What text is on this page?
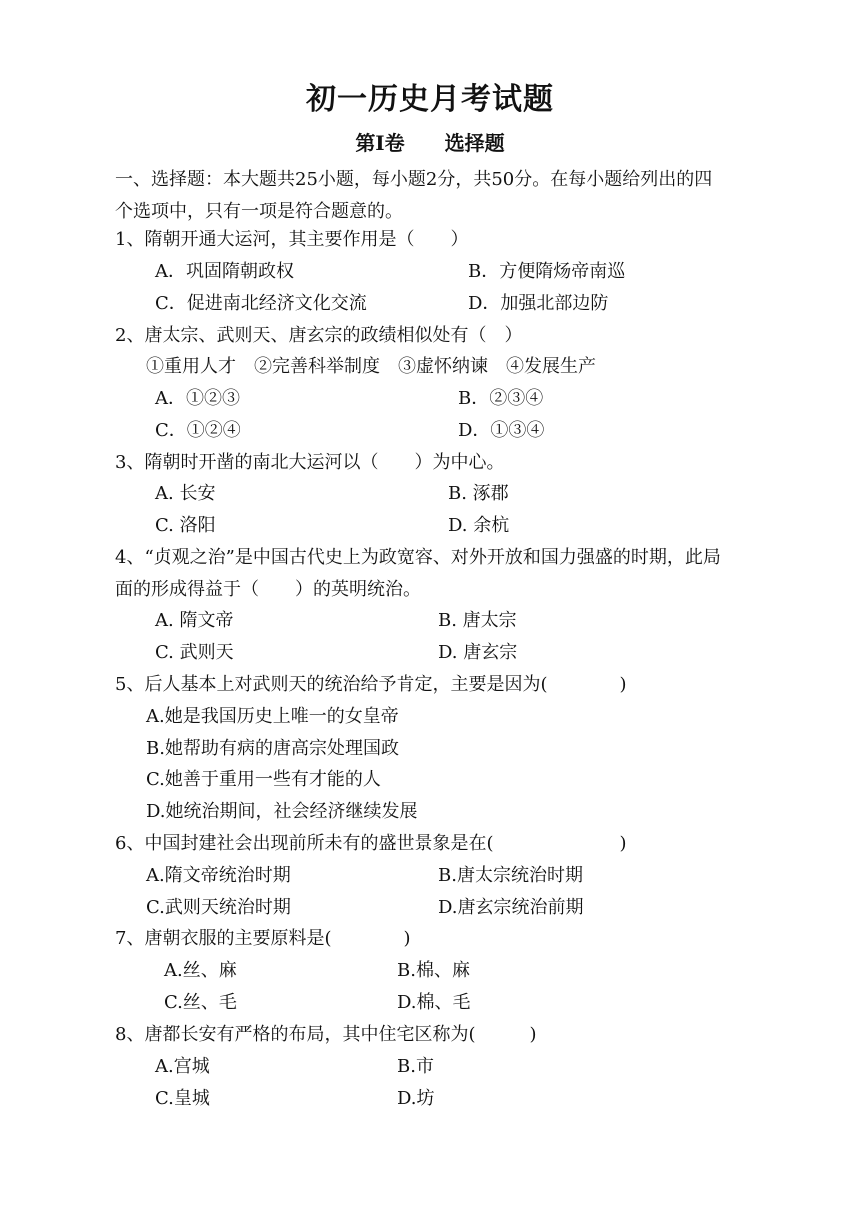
初一历史月考试题
第Ⅰ卷　　选择题
一、选择题：本大题共25小题，每小题2分，共50分。在每小题给列出的四
个选项中，只有一项是符合题意的。
1、隋朝开通大运河，其主要作用是（　　）
A．巩固隋朝政权	B．方便隋炀帝南巡
C．促进南北经济文化交流	D．加强北部边防
2、唐太宗、武则天、唐玄宗的政绩相似处有（　）
①重用人才　②完善科举制度　③虚怀纳谏　④发展生产
A．①②③	B．②③④
C．①②④	D．①③④
3、隋朝时开凿的南北大运河以（　　）为中心。
A. 长安	B. 涿郡
C. 洛阳	D. 余杭
4、“贞观之治”是中国古代史上为政宽容、对外开放和国力强盛的时期，此局
面的形成得益于（　　）的英明统治。
A. 隋文帝	B. 唐太宗
C. 武则天	D. 唐玄宗
5、后人基本上对武则天的统治给予肯定，主要是因为(　　　　)
A.她是我国历史上唯一的女皇帝
B.她帮助有病的唐高宗处理国政
C.她善于重用一些有才能的人
D.她统治期间，社会经济继续发展
6、中国封建社会出现前所未有的盛世景象是在(　　　　　　　)
A.隋文帝统治时期	B.唐太宗统治时期
C.武则天统治时期	D.唐玄宗统治前期
7、唐朝衣服的主要原料是(　　　　)
A.丝、麻	B.棉、麻
C.丝、毛	D.棉、毛
8、唐都长安有严格的布局，其中住宅区称为(　　　)
A.宫城	B.市
C.皇城	D.坊
